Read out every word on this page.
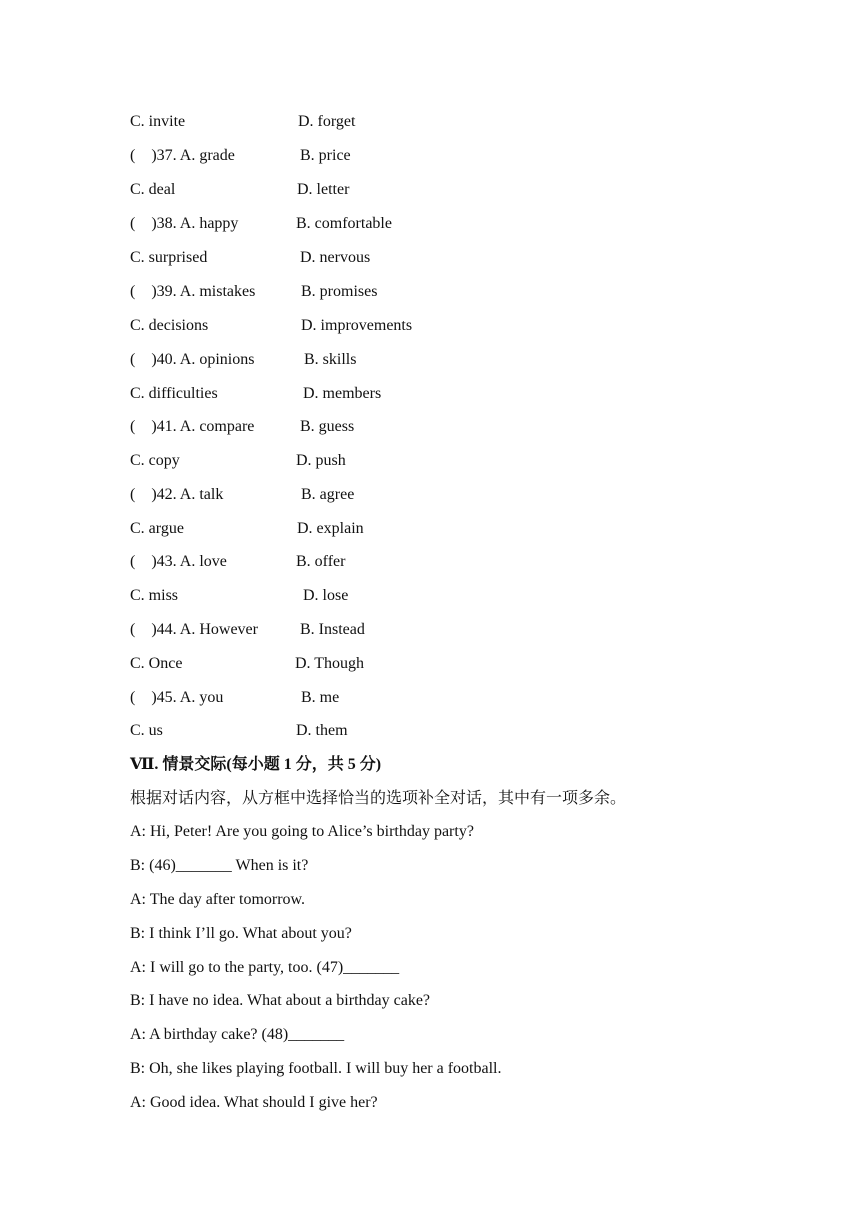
C. invite	D. forget
(    )37. A. grade	B. price
C. deal	D. letter
(    )38. A. happy	B. comfortable
C. surprised	D. nervous
(    )39. A. mistakes	B. promises
C. decisions	D. improvements
(    )40. A. opinions	B. skills
C. difficulties	D. members
(    )41. A. compare	B. guess
C. copy	D. push
(    )42. A. talk	B. agree
C. argue	D. explain
(    )43. A. love	B. offer
C. miss	D. lose
(    )44. A. However	B. Instead
C. Once	D. Though
(    )45. A. you	B. me
C. us	D. them
Ⅶ. 情景交际(每小题 1 分，共 5 分)
根据对话内容，从方框中选择恰当的选项补全对话，其中有一项多余。
A: Hi, Peter! Are you going to Alice’s birthday party?
B: (46)_______ When is it?
A: The day after tomorrow.
B: I think I’ll go. What about you?
A: I will go to the party, too. (47)_______
B: I have no idea. What about a birthday cake?
A: A birthday cake? (48)_______
B: Oh, she likes playing football. I will buy her a football.
A: Good idea. What should I give her?
